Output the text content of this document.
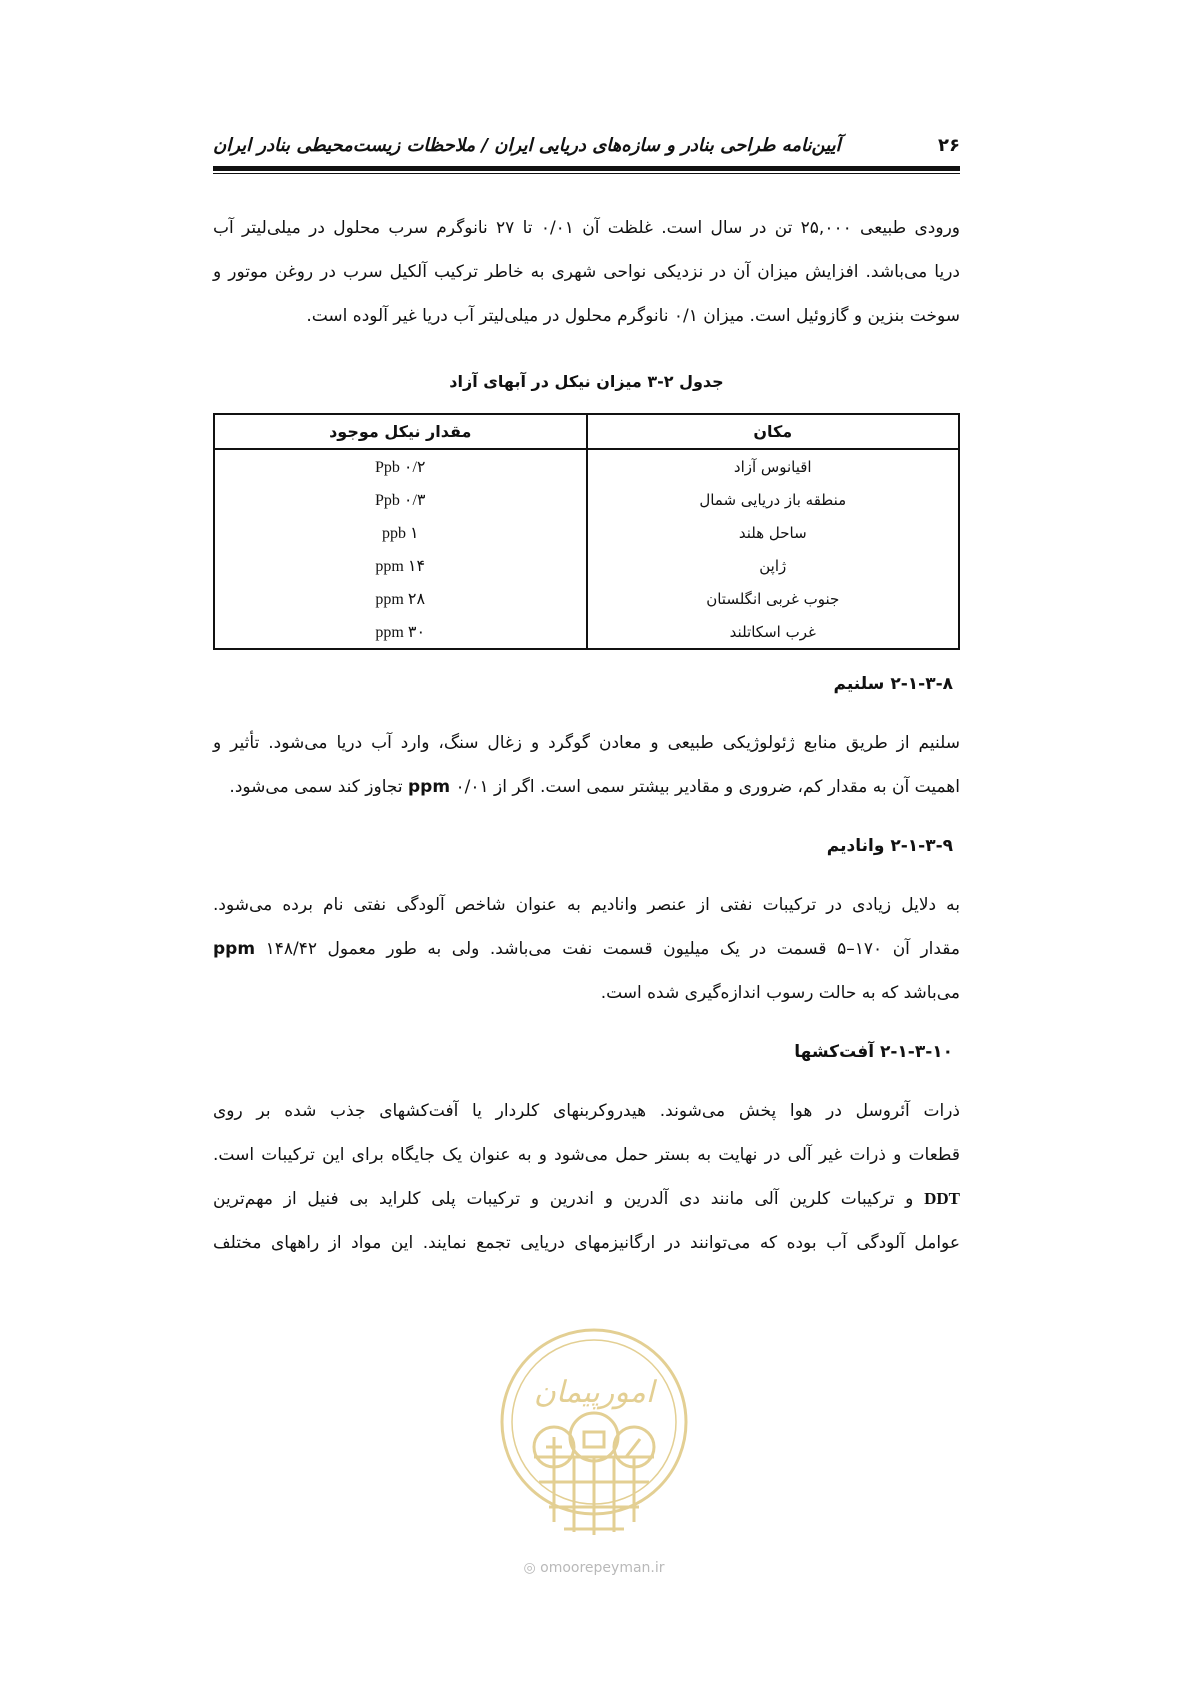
۲۶
آیین‌نامه طراحی بنادر و سازه‌های دریایی ایران / ملاحظات زیست‌محیطی بنادر ایران
ورودی طبیعی ۲۵,۰۰۰ تن در سال است. غلظت آن ۰/۰۱ تا ۲۷ نانوگرم سرب محلول در میلی‌لیتر آب
دریا می‌باشد. افزایش میزان آن در نزدیکی نواحی شهری به خاطر ترکیب آلکیل سرب در روغن موتور و
سوخت بنزین و گازوئیل است. میزان ۰/۱ نانوگرم محلول در میلی‌لیتر آب دریا غیر آلوده است.
جدول ۲-۳ میزان نیکل در آبهای آزاد
مکان	مقدار نیکل موجود
اقیانوس آزاد	۰/۲ Ppb
منطقه باز دریایی شمال	۰/۳ Ppb
ساحل هلند	۱ ppb
ژاپن	۱۴ ppm
جنوب غربی انگلستان	۲۸ ppm
غرب اسکاتلند	۳۰ ppm
۲-۱-۳-۸ سلنیم
سلنیم از طریق منابع ژئولوژیکی طبیعی و معادن گوگرد و زغال سنگ، وارد آب دریا می‌شود. تأثیر و
اهمیت آن به مقدار کم، ضروری و مقادیر بیشتر سمی است. اگر از ppm ۰/۰۱ تجاوز کند سمی می‌شود.
۲-۱-۳-۹ وانادیم
به دلایل زیادی در ترکیبات نفتی از عنصر وانادیم به عنوان شاخص آلودگی نفتی نام برده می‌شود.
مقدار آن ۱۷۰–۵ قسمت در یک میلیون قسمت نفت می‌باشد. ولی به طور معمول ppm ۱۴۸/۴۲
می‌باشد که به حالت رسوب اندازه‌گیری شده است.
۲-۱-۳-۱۰ آفت‌کشها
ذرات آئروسل در هوا پخش می‌شوند. هیدروکربنهای کلردار یا آفت‌کشهای جذب شده بر روی
قطعات و ذرات غیر آلی در نهایت به بستر حمل می‌شود و به عنوان یک جایگاه برای این ترکیبات است.
DDT و ترکیبات کلرین آلی مانند دی آلدرین و اندرین و ترکیبات پلی کلراید بی فنیل از مهم‌ترین
عوامل آلودگی آب بوده که می‌توانند در ارگانیزمهای دریایی تجمع نمایند. این مواد از راههای مختلف
امورپیمان
◎ omoorepeyman.ir
